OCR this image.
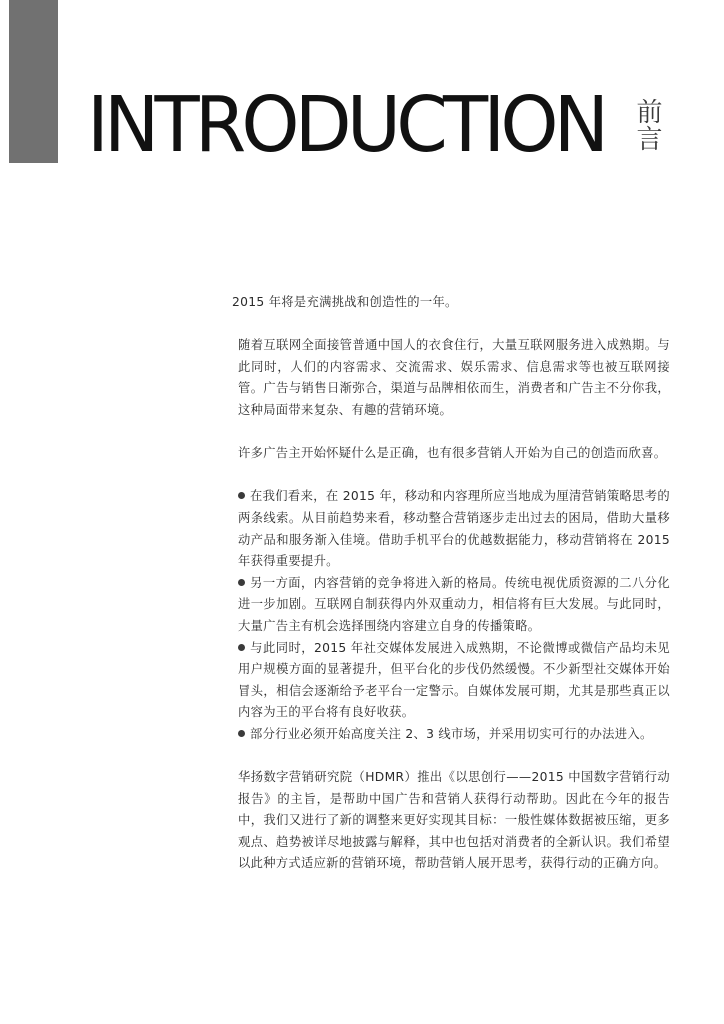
INTRODUCTION 前言

2015 年将是充满挑战和创造性的一年。

随着互联网全面接管普通中国人的衣食住行，大量互联网服务进入成熟期。与此同时，人们的内容需求、交流需求、娱乐需求、信息需求等也被互联网接管。广告与销售日渐弥合，渠道与品牌相依而生，消费者和广告主不分你我，这种局面带来复杂、有趣的营销环境。

许多广告主开始怀疑什么是正确，也有很多营销人开始为自己的创造而欣喜。

在我们看来，在 2015 年，移动和内容理所应当地成为厘清营销策略思考的两条线索。从目前趋势来看，移动整合营销逐步走出过去的困局，借助大量移动产品和服务渐入佳境。借助手机平台的优越数据能力，移动营销将在 2015 年获得重要提升。

另一方面，内容营销的竞争将进入新的格局。传统电视优质资源的二八分化进一步加剧。互联网自制获得内外双重动力，相信将有巨大发展。与此同时，大量广告主有机会选择围绕内容建立自身的传播策略。

与此同时，2015 年社交媒体发展进入成熟期，不论微博或微信产品均未见用户规模方面的显著提升，但平台化的步伐仍然缓慢。不少新型社交媒体开始冒头，相信会逐渐给予老平台一定警示。自媒体发展可期，尤其是那些真正以内容为王的平台将有良好收获。

部分行业必须开始高度关注 2、3 线市场，并采用切实可行的办法进入。

华扬数字营销研究院（HDMR）推出《以思创行——2015 中国数字营销行动报告》的主旨，是帮助中国广告和营销人获得行动帮助。因此在今年的报告中，我们又进行了新的调整来更好实现其目标：一般性媒体数据被压缩，更多观点、趋势被详尽地披露与解释，其中也包括对消费者的全新认识。我们希望以此种方式适应新的营销环境，帮助营销人展开思考，获得行动的正确方向。
